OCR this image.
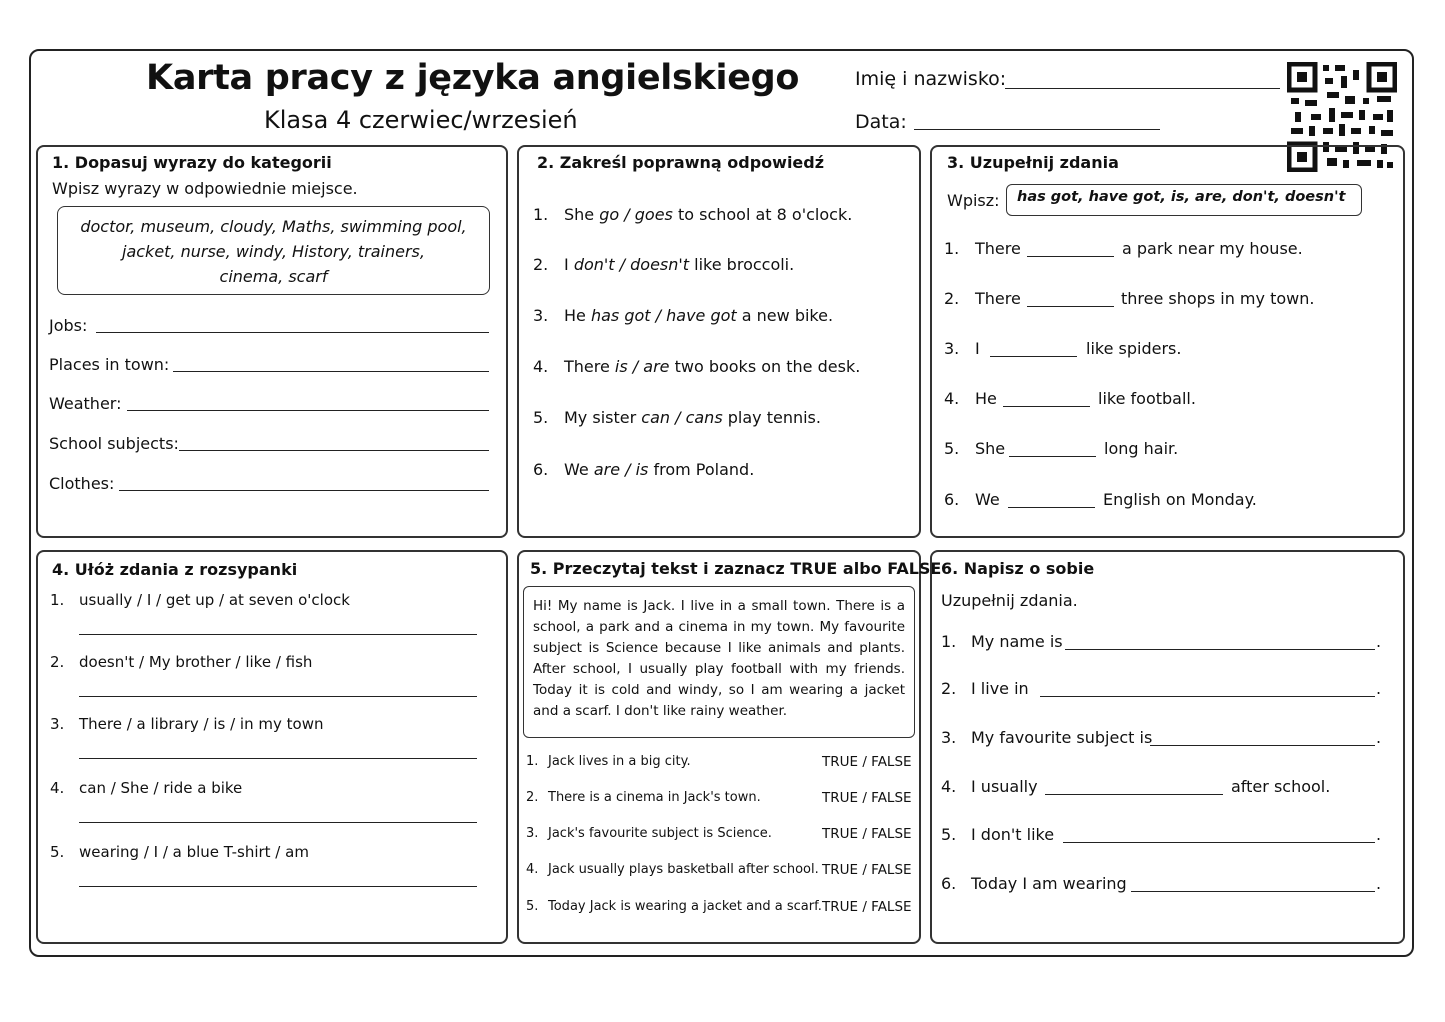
Karta pracy z języka angielskiego
Klasa 4 czerwiec/wrzesień
Imię i nazwisko:
Data:
1. Dopasuj wyrazy do kategorii
Wpisz wyrazy w odpowiednie miejsce.
doctor, museum, cloudy, Maths, swimming pool,
jacket, nurse, windy, History, trainers,
cinema, scarf
Jobs:
Places in town:
Weather:
School subjects:
Clothes:
2. Zakreśl poprawną odpowiedź
1. She go / goes to school at 8 o'clock.
2. I don't / doesn't like broccoli.
3. He has got / have got a new bike.
4. There is / are two books on the desk.
5. My sister can / cans play tennis.
6. We are / is from Poland.
3. Uzupełnij zdania
Wpisz:	has got, have got, is, are, don't, doesn't
1. There	a park near my house.
2. There	three shops in my town.
3. I	like spiders.
4. He	like football.
5. She	long hair.
6. We	English on Monday.
4. Ułóż zdania z rozsypanki
1. usually / I / get up / at seven o'clock
2. doesn't / My brother / like / fish
3. There / a library / is / in my town
4. can / She / ride a bike
5. wearing / I / a blue T-shirt / am
5. Przeczytaj tekst i zaznacz TRUE albo FALSE
Hi! My name is Jack. I live in a small town. There is a school, a park and a cinema in my town. My favourite subject is Science because I like animals and plants. After school, I usually play football with my friends. Today it is cold and windy, so I am wearing a jacket and a scarf. I don't like rainy weather.
1. Jack lives in a big city.	TRUE / FALSE
2. There is a cinema in Jack's town.	TRUE / FALSE
3. Jack's favourite subject is Science.	TRUE / FALSE
4. Jack usually plays basketball after school. TRUE / FALSE
5. Today Jack is wearing a jacket and a scarf. TRUE / FALSE
6. Napisz o sobie
Uzupełnij zdania.
1. My name is	.
2. I live in	.
3. My favourite subject is	.
4. I usually	after school.
5. I don't like	.
6. Today I am wearing	.
